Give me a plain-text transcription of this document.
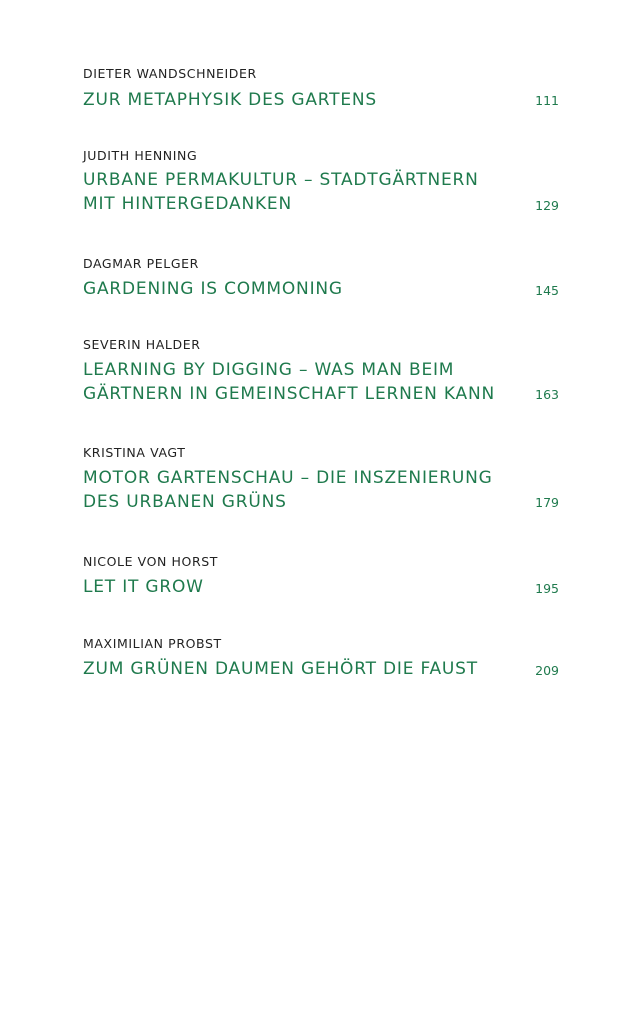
DIETER WANDSCHNEIDER
ZUR METAPHYSIK DES GARTENS	111
JUDITH HENNING
URBANE PERMAKULTUR – STADTGÄRTNERN
MIT HINTERGEDANKEN	129
DAGMAR PELGER
GARDENING IS COMMONING	145
SEVERIN HALDER
LEARNING BY DIGGING – WAS MAN BEIM
GÄRTNERN IN GEMEINSCHAFT LERNEN KANN	163
KRISTINA VAGT
MOTOR GARTENSCHAU – DIE INSZENIERUNG
DES URBANEN GRÜNS	179
NICOLE VON HORST
LET IT GROW	195
MAXIMILIAN PROBST
ZUM GRÜNEN DAUMEN GEHÖRT DIE FAUST	209
